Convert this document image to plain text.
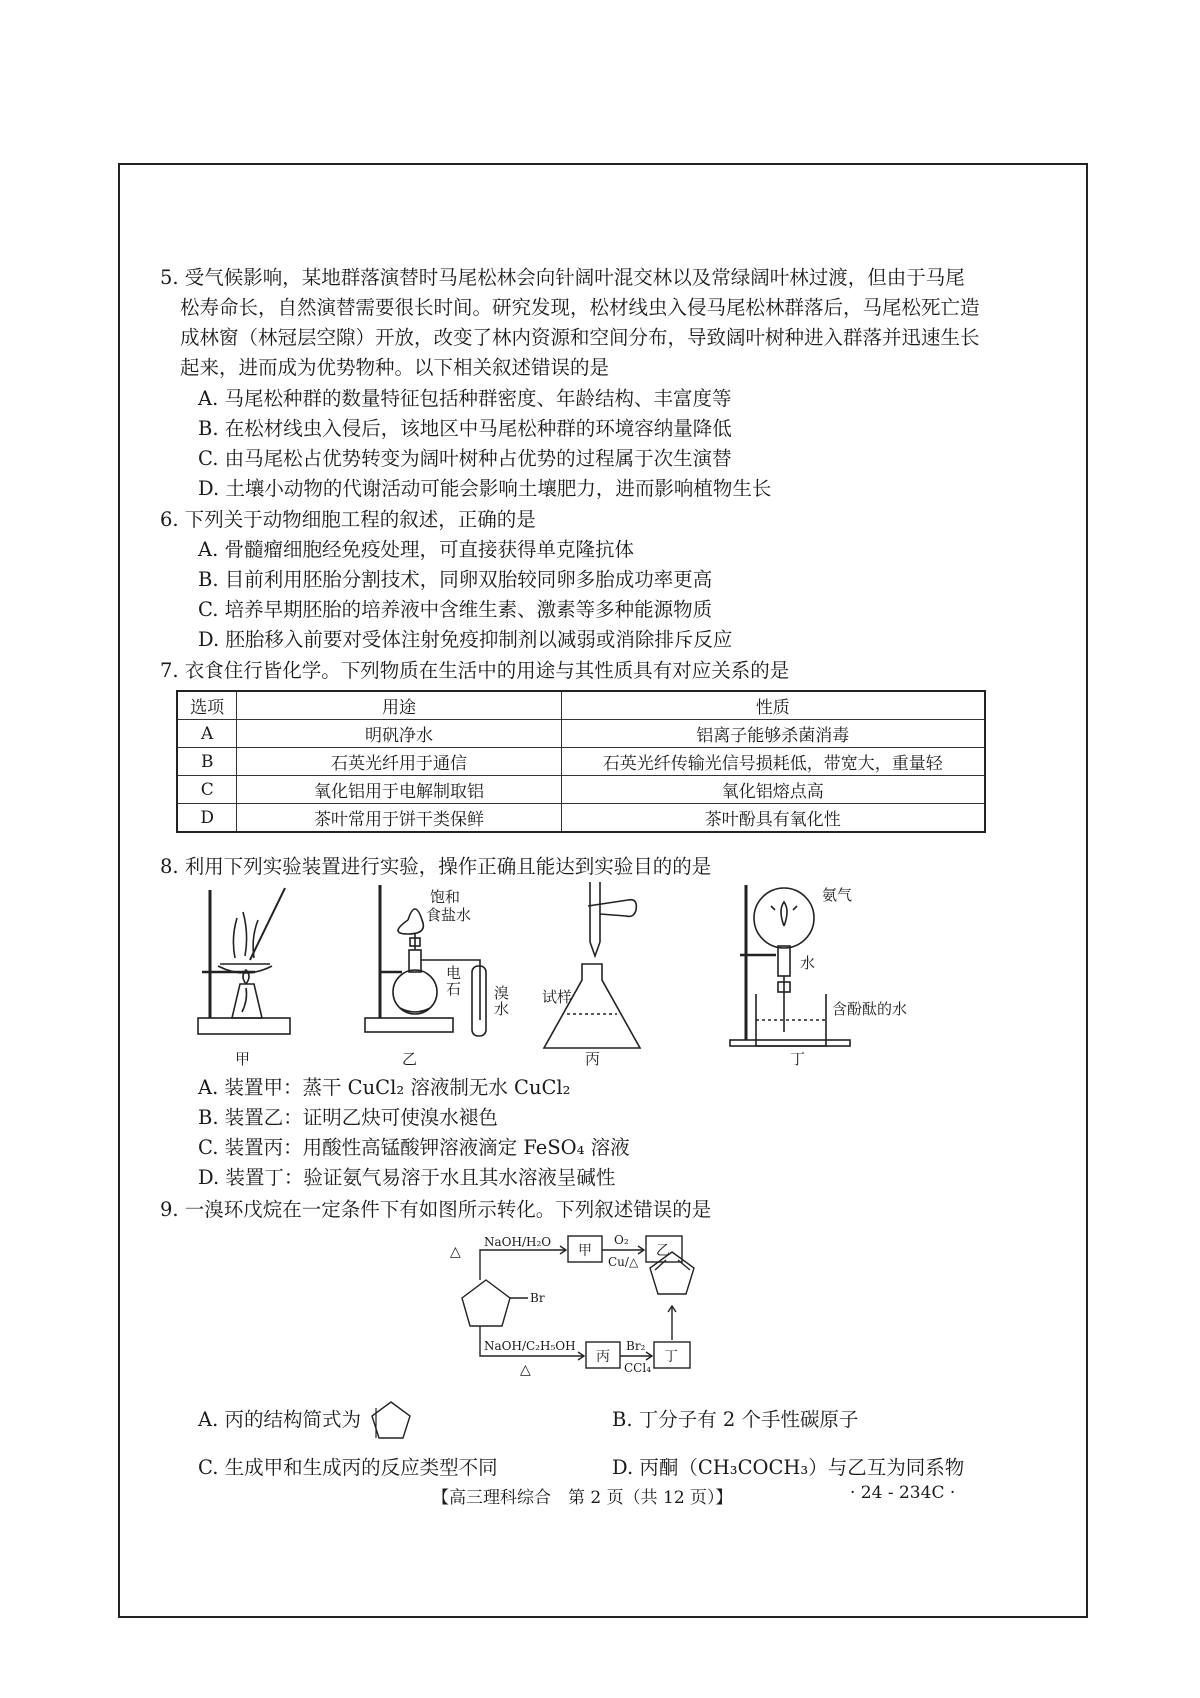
5. 受气候影响，某地群落演替时马尾松林会向针阔叶混交林以及常绿阔叶林过渡，但由于马尾
松寿命长，自然演替需要很长时间。研究发现，松材线虫入侵马尾松林群落后，马尾松死亡造
成林窗（林冠层空隙）开放，改变了林内资源和空间分布，导致阔叶树种进入群落并迅速生长
起来，进而成为优势物种。以下相关叙述错误的是
A. 马尾松种群的数量特征包括种群密度、年龄结构、丰富度等
B. 在松材线虫入侵后，该地区中马尾松种群的环境容纳量降低
C. 由马尾松占优势转变为阔叶树种占优势的过程属于次生演替
D. 土壤小动物的代谢活动可能会影响土壤肥力，进而影响植物生长
6. 下列关于动物细胞工程的叙述，正确的是
A. 骨髓瘤细胞经免疫处理，可直接获得单克隆抗体
B. 目前利用胚胎分割技术，同卵双胎较同卵多胎成功率更高
C. 培养早期胚胎的培养液中含维生素、激素等多种能源物质
D. 胚胎移入前要对受体注射免疫抑制剂以减弱或消除排斥反应
7. 衣食住行皆化学。下列物质在生活中的用途与其性质具有对应关系的是
选项	用途	性质
A	明矾净水	铝离子能够杀菌消毒
B	石英光纤用于通信	石英光纤传输光信号损耗低，带宽大，重量轻
C	氧化铝用于电解制取铝	氧化铝熔点高
D	茶叶常用于饼干类保鲜	茶叶酚具有氧化性
8. 利用下列实验装置进行实验，操作正确且能达到实验目的的是
甲	乙	丙	丁
饱和
食盐水
电
石 溴
水
试样
氨气
水
含酚酞的水
A. 装置甲：蒸干 CuCl₂ 溶液制无水 CuCl₂
B. 装置乙：证明乙炔可使溴水褪色
C. 装置丙：用酸性高锰酸钾溶液滴定 FeSO₄ 溶液
D. 装置丁：验证氨气易溶于水且其水溶液呈碱性
9. 一溴环戊烷在一定条件下有如图所示转化。下列叙述错误的是
NaOH/H₂O
△	甲
O₂
Cu/△
乙
Br
NaOH/C₂H₅OH
△
丙
Br₂
CCl₄
丁
A. 丙的结构简式为	B. 丁分子有 2 个手性碳原子
C. 生成甲和生成丙的反应类型不同	D. 丙酮（CH₃COCH₃）与乙互为同系物
【高三理科综合　第 2 页（共 12 页）】	· 24 - 234C ·
